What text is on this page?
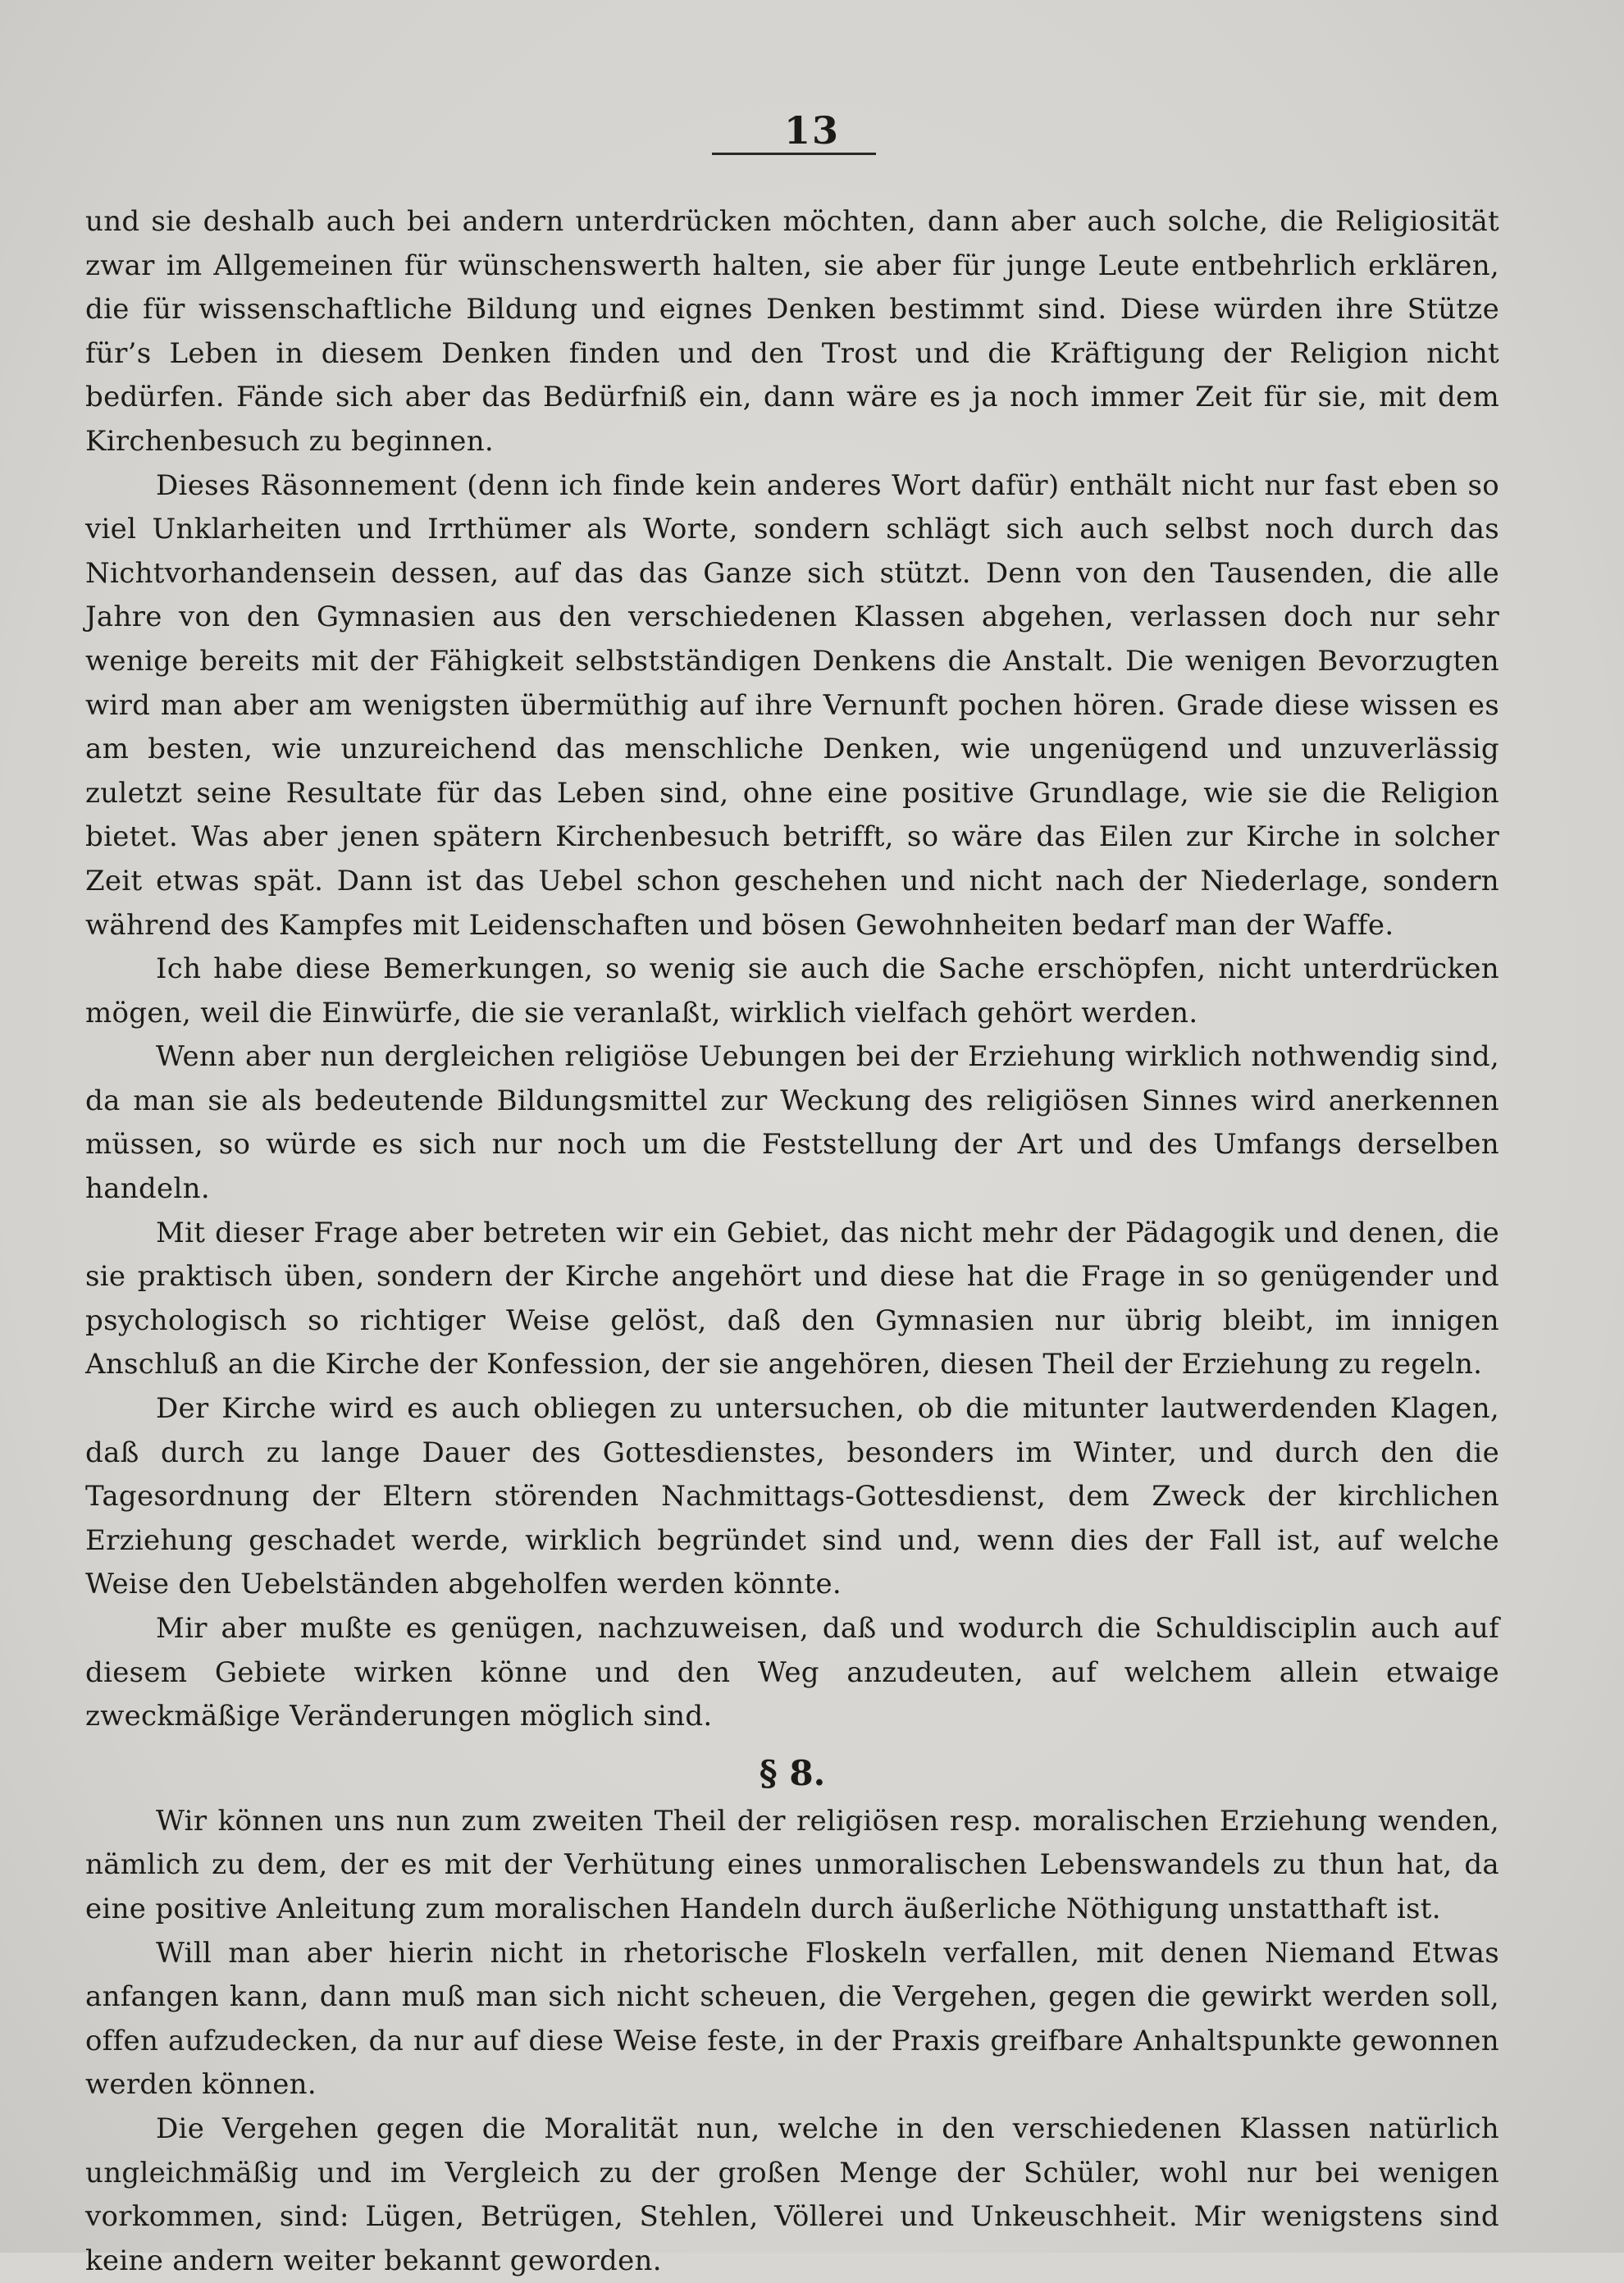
13

und sie deshalb auch bei andern unterdrücken möchten, dann aber auch solche, die Religiosität zwar im Allgemeinen für wünschenswerth halten, sie aber für junge Leute entbehrlich erklären, die für wissenschaftliche Bildung und eignes Denken bestimmt sind. Diese würden ihre Stütze für’s Leben in diesem Denken finden und den Trost und die Kräftigung der Religion nicht bedürfen. Fände sich aber das Bedürfniß ein, dann wäre es ja noch immer Zeit für sie, mit dem Kirchenbesuch zu beginnen.

Dieses Räsonnement (denn ich finde kein anderes Wort dafür) enthält nicht nur fast eben so viel Unklarheiten und Irrthümer als Worte, sondern schlägt sich auch selbst noch durch das Nichtvorhandensein dessen, auf das das Ganze sich stützt. Denn von den Tausenden, die alle Jahre von den Gymnasien aus den verschiedenen Klassen abgehen, verlassen doch nur sehr wenige bereits mit der Fähigkeit selbstständigen Denkens die Anstalt. Die wenigen Bevorzugten wird man aber am wenigsten übermüthig auf ihre Vernunft pochen hören. Grade diese wissen es am besten, wie unzureichend das menschliche Denken, wie ungenügend und unzuverlässig zuletzt seine Resultate für das Leben sind, ohne eine positive Grundlage, wie sie die Religion bietet. Was aber jenen spätern Kirchenbesuch betrifft, so wäre das Eilen zur Kirche in solcher Zeit etwas spät. Dann ist das Uebel schon geschehen und nicht nach der Niederlage, sondern während des Kampfes mit Leidenschaften und bösen Gewohnheiten bedarf man der Waffe.

Ich habe diese Bemerkungen, so wenig sie auch die Sache erschöpfen, nicht unterdrücken mögen, weil die Einwürfe, die sie veranlaßt, wirklich vielfach gehört werden.

Wenn aber nun dergleichen religiöse Uebungen bei der Erziehung wirklich nothwendig sind, da man sie als bedeutende Bildungsmittel zur Weckung des religiösen Sinnes wird anerkennen müssen, so würde es sich nur noch um die Feststellung der Art und des Umfangs derselben handeln.

Mit dieser Frage aber betreten wir ein Gebiet, das nicht mehr der Pädagogik und denen, die sie praktisch üben, sondern der Kirche angehört und diese hat die Frage in so genügender und psychologisch so richtiger Weise gelöst, daß den Gymnasien nur übrig bleibt, im innigen Anschluß an die Kirche der Konfession, der sie angehören, diesen Theil der Erziehung zu regeln.

Der Kirche wird es auch obliegen zu untersuchen, ob die mitunter lautwerdenden Klagen, daß durch zu lange Dauer des Gottesdienstes, besonders im Winter, und durch den die Tagesordnung der Eltern störenden Nachmittags-Gottesdienst, dem Zweck der kirchlichen Erziehung geschadet werde, wirklich begründet sind und, wenn dies der Fall ist, auf welche Weise den Uebelständen abgeholfen werden könnte.

Mir aber mußte es genügen, nachzuweisen, daß und wodurch die Schuldisciplin auch auf diesem Gebiete wirken könne und den Weg anzudeuten, auf welchem allein etwaige zweckmäßige Veränderungen möglich sind.

§ 8.

Wir können uns nun zum zweiten Theil der religiösen resp. moralischen Erziehung wenden, nämlich zu dem, der es mit der Verhütung eines unmoralischen Lebenswandels zu thun hat, da eine positive Anleitung zum moralischen Handeln durch äußerliche Nöthigung unstatthaft ist.

Will man aber hierin nicht in rhetorische Floskeln verfallen, mit denen Niemand Etwas anfangen kann, dann muß man sich nicht scheuen, die Vergehen, gegen die gewirkt werden soll, offen aufzudecken, da nur auf diese Weise feste, in der Praxis greifbare Anhaltspunkte gewonnen werden können.

Die Vergehen gegen die Moralität nun, welche in den verschiedenen Klassen natürlich ungleichmäßig und im Vergleich zu der großen Menge der Schüler, wohl nur bei wenigen vorkommen, sind: Lügen, Betrügen, Stehlen, Völlerei und Unkeuschheit. Mir wenigstens sind keine andern weiter bekannt geworden.
